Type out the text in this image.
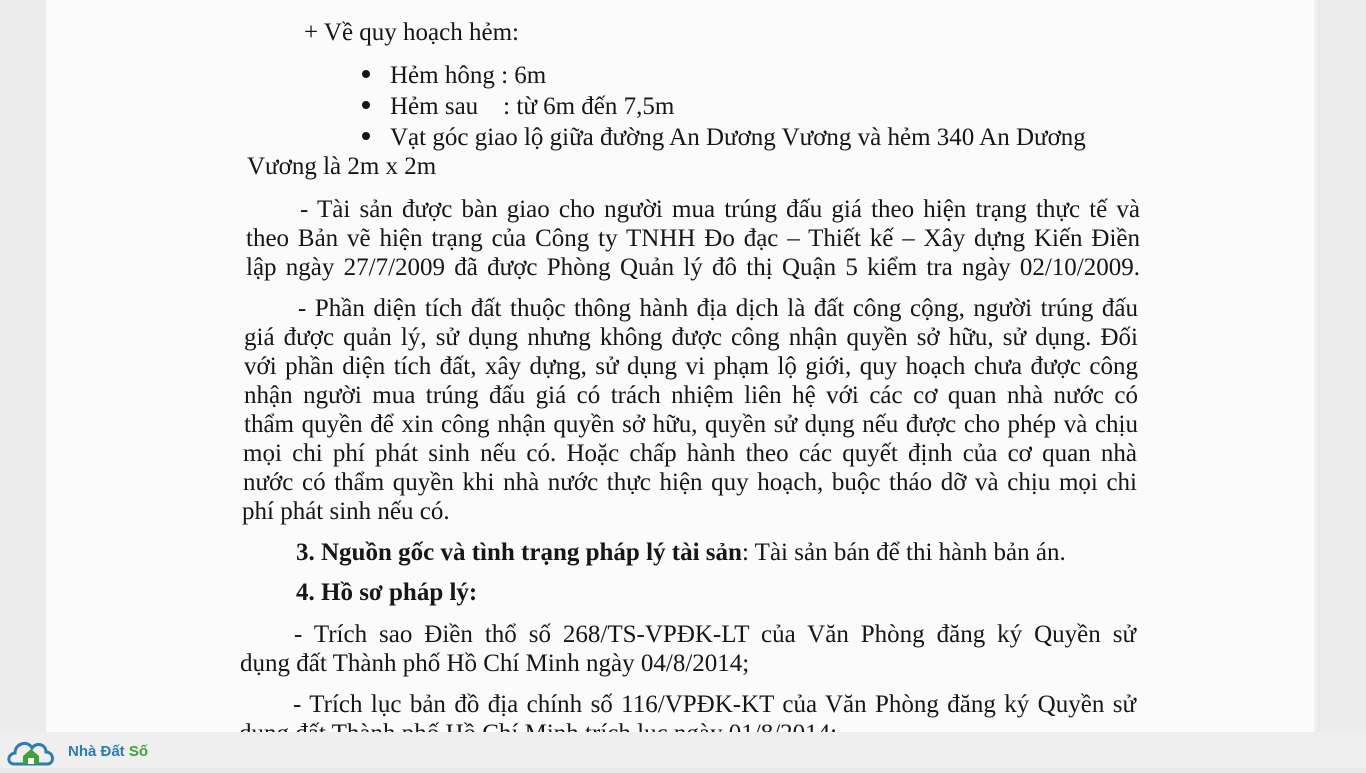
+ Về quy hoạch hẻm:

Hẻm hông : 6m

Hẻm sau    : từ 6m đến 7,5m

Vạt góc giao lộ giữa đường An Dương Vương và hẻm 340 An Dương

Vương là 2m x 2m

- Tài sản được bàn giao cho người mua trúng đấu giá theo hiện trạng thực tế và

theo Bản vẽ hiện trạng của Công ty TNHH Đo đạc – Thiết kế – Xây dựng Kiến Điền

lập ngày 27/7/2009 đã được Phòng Quản lý đô thị Quận 5 kiểm tra ngày 02/10/2009.

- Phần diện tích đất thuộc thông hành địa dịch là đất công cộng, người trúng đấu

giá được quản lý, sử dụng nhưng không được công nhận quyền sở hữu, sử dụng. Đối

với phần diện tích đất, xây dựng, sử dụng vi phạm lộ giới, quy hoạch chưa được công

nhận người mua trúng đấu giá có trách nhiệm liên hệ với các cơ quan nhà nước có

thẩm quyền để xin công nhận quyền sở hữu, quyền sử dụng nếu được cho phép và chịu

mọi chi phí phát sinh nếu có. Hoặc chấp hành theo các quyết định của cơ quan nhà

nước có thẩm quyền khi nhà nước thực hiện quy hoạch, buộc tháo dỡ và chịu mọi chi

phí phát sinh nếu có.

3. Nguồn gốc và tình trạng pháp lý tài sản: Tài sản bán để thi hành bản án.

4. Hồ sơ pháp lý:

- Trích sao Điền thổ số 268/TS-VPĐK-LT của Văn Phòng đăng ký Quyền sử

dụng đất Thành phố Hồ Chí Minh ngày 04/8/2014;

- Trích lục bản đồ địa chính số 116/VPĐK-KT của Văn Phòng đăng ký Quyền sử

Nhà Đất Số
